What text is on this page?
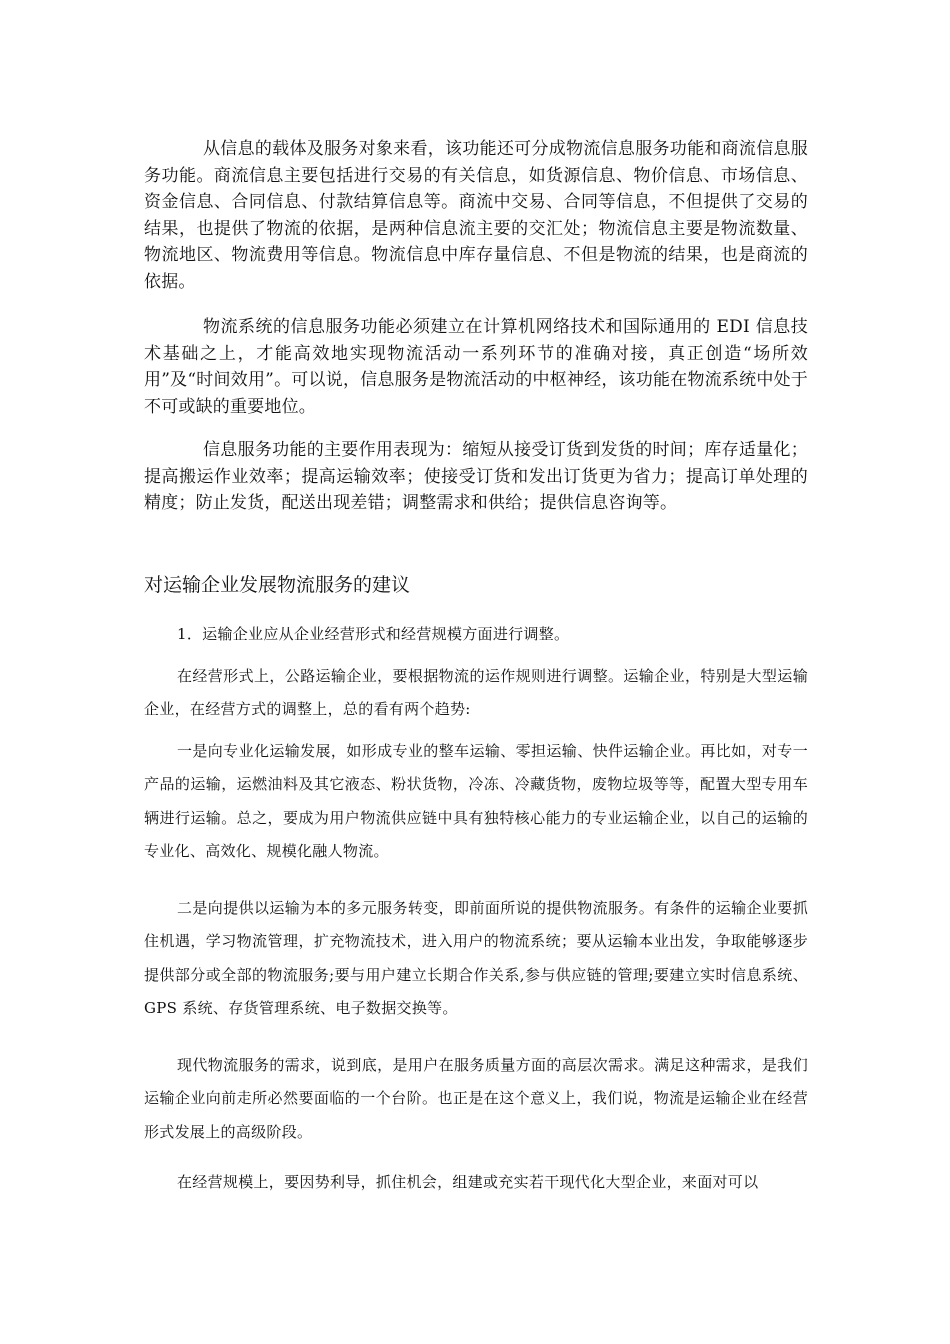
从信息的载体及服务对象来看，该功能还可分成物流信息服务功能和商流信息服务功能。商流信息主要包括进行交易的有关信息，如货源信息、物价信息、市场信息、资金信息、合同信息、付款结算信息等。商流中交易、合同等信息，不但提供了交易的结果，也提供了物流的依据，是两种信息流主要的交汇处；物流信息主要是物流数量、物流地区、物流费用等信息。物流信息中库存量信息、不但是物流的结果，也是商流的依据。

物流系统的信息服务功能必须建立在计算机网络技术和国际通用的 EDI 信息技术基础之上，才能高效地实现物流活动一系列环节的准确对接，真正创造“场所效用”及“时间效用”。可以说，信息服务是物流活动的中枢神经，该功能在物流系统中处于不可或缺的重要地位。

信息服务功能的主要作用表现为：缩短从接受订货到发货的时间；库存适量化；提高搬运作业效率；提高运输效率；使接受订货和发出订货更为省力；提高订单处理的精度；防止发货，配送出现差错；调整需求和供给；提供信息咨询等。

对运输企业发展物流服务的建议

1．运输企业应从企业经营形式和经营规模方面进行调整。

在经营形式上，公路运输企业，要根据物流的运作规则进行调整。运输企业，特别是大型运输企业，在经营方式的调整上，总的看有两个趋势:

一是向专业化运输发展，如形成专业的整车运输、零担运输、快件运输企业。再比如，对专一产品的运输，运燃油料及其它液态、粉状货物，冷冻、冷藏货物，废物垃圾等等，配置大型专用车辆进行运输。总之，要成为用户物流供应链中具有独特核心能力的专业运输企业，以自己的运输的专业化、高效化、规模化融人物流。

二是向提供以运输为本的多元服务转变，即前面所说的提供物流服务。有条件的运输企业要抓住机遇，学习物流管理，扩充物流技术，进入用户的物流系统；要从运输本业出发，争取能够逐步提供部分或全部的物流服务;要与用户建立长期合作关系,参与供应链的管理;要建立实时信息系统、GPS 系统、存货管理系统、电子数据交换等。

现代物流服务的需求，说到底，是用户在服务质量方面的高层次需求。满足这种需求，是我们运输企业向前走所必然要面临的一个台阶。也正是在这个意义上，我们说，物流是运输企业在经营形式发展上的高级阶段。

在经营规模上，要因势利导，抓住机会，组建或充实若干现代化大型企业，来面对可以
